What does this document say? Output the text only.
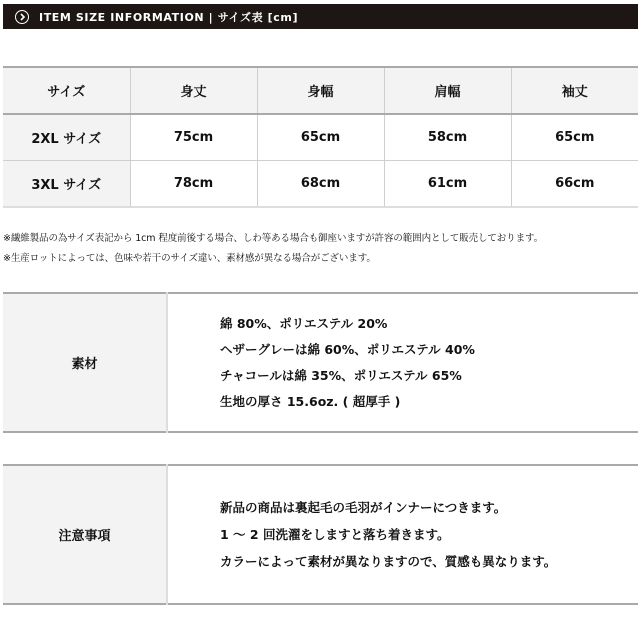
ITEM SIZE INFORMATION | サイズ表 [cm]
サイズ	身丈	身幅	肩幅	袖丈
2XL サイズ	75cm	65cm	58cm	65cm
3XL サイズ	78cm	68cm	61cm	66cm
※繊維製品の為サイズ表記から 1cm 程度前後する場合、しわ等ある場合も御座いますが許容の範囲内として販売しております。
※生産ロットによっては、色味や若干のサイズ違い、素材感が異なる場合がございます。
素材	
綿 80%、ポリエステル 20%
ヘザーグレーは綿 60%、ポリエステル 40%
チャコールは綿 35%、ポリエステル 65%
生地の厚さ 15.6oz. ( 超厚手 )
注意事項	
新品の商品は裏起毛の毛羽がインナーにつきます。
1 ～ 2 回洗濯をしますと落ち着きます。
カラーによって素材が異なりますので、質感も異なります。
